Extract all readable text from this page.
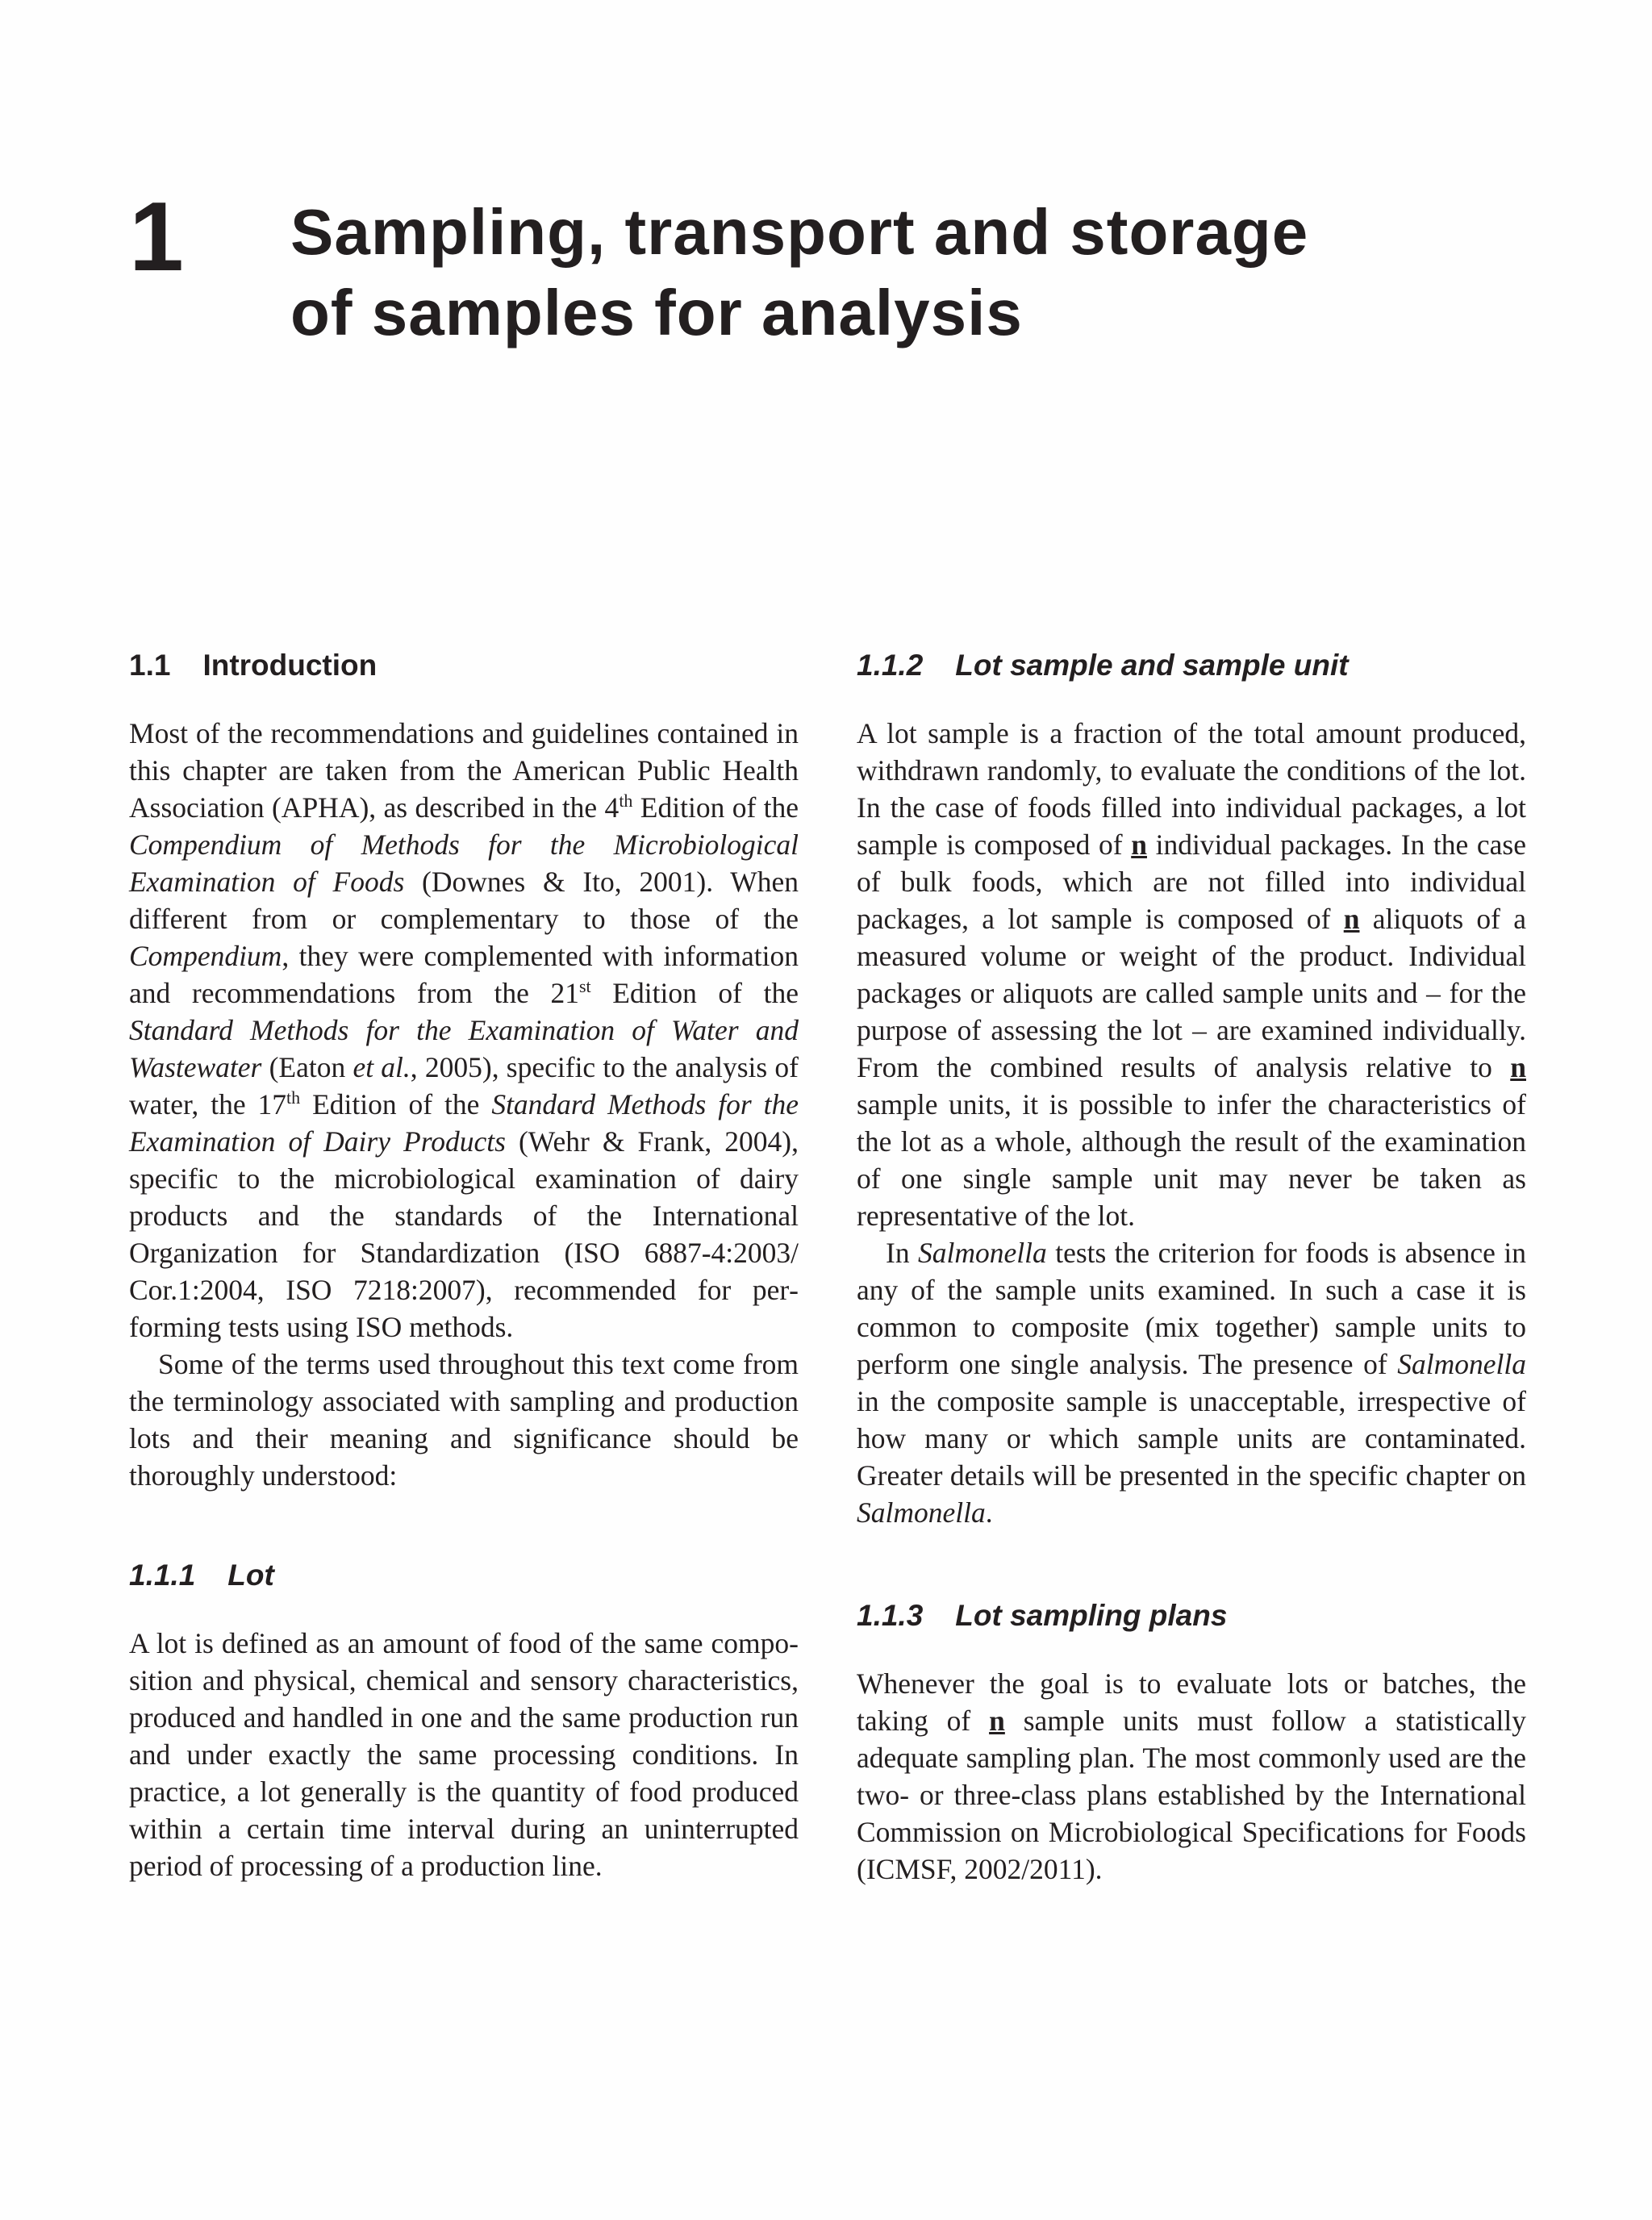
1 Sampling, transport and storage
of samples for analysis
1.1 Introduction

Most of the recommendations and guidelines contained in this chapter are taken from the American Public Health Association (APHA), as described in the 4th Edition of the Compendium of Methods for the Microbiological Examination of Foods (Downes & Ito, 2001). When different from or complementary to those of the Compendium, they were complemented with information and recommendations from the 21st Edition of the Standard Methods for the Examination of Water and Wastewater (Eaton et al., 2005), specific to the analysis of water, the 17th Edition of the Standard Methods for the Examination of Dairy Products (Wehr & Frank, 2004), specific to the microbiological examination of dairy products and the standards of the International Organization for Standardization (ISO 6887-4:2003/ Cor.1:2004, ISO 7218:2007), recommended for performing tests using ISO methods.

Some of the terms used throughout this text come from the terminology associated with sampling and production lots and their meaning and significance should be thoroughly understood:

1.1.1 Lot

A lot is defined as an amount of food of the same composition and physical, chemical and sensory characteristics, produced and handled in one and the same production run and under exactly the same processing conditions. In practice, a lot generally is the quantity of food produced within a certain time interval during an uninterrupted period of processing of a production line.

1.1.2 Lot sample and sample unit

A lot sample is a fraction of the total amount produced, withdrawn randomly, to evaluate the conditions of the lot. In the case of foods filled into individual packages, a lot sample is composed of n individual packages. In the case of bulk foods, which are not filled into individual packages, a lot sample is composed of n aliquots of a measured volume or weight of the product. Individual packages or aliquots are called sample units and – for the purpose of assessing the lot – are examined individually. From the combined results of analysis relative to n sample units, it is possible to infer the characteristics of the lot as a whole, although the result of the examination of one single sample unit may never be taken as representative of the lot.

In Salmonella tests the criterion for foods is absence in any of the sample units examined. In such a case it is common to composite (mix together) sample units to perform one single analysis. The presence of Salmonella in the composite sample is unacceptable, irrespective of how many or which sample units are contaminated. Greater details will be presented in the specific chapter on Salmonella.

1.1.3 Lot sampling plans

Whenever the goal is to evaluate lots or batches, the taking of n sample units must follow a statistically adequate sampling plan. The most commonly used are the two- or three-class plans established by the International Commission on Microbiological Specifications for Foods (ICMSF, 2002/2011).
